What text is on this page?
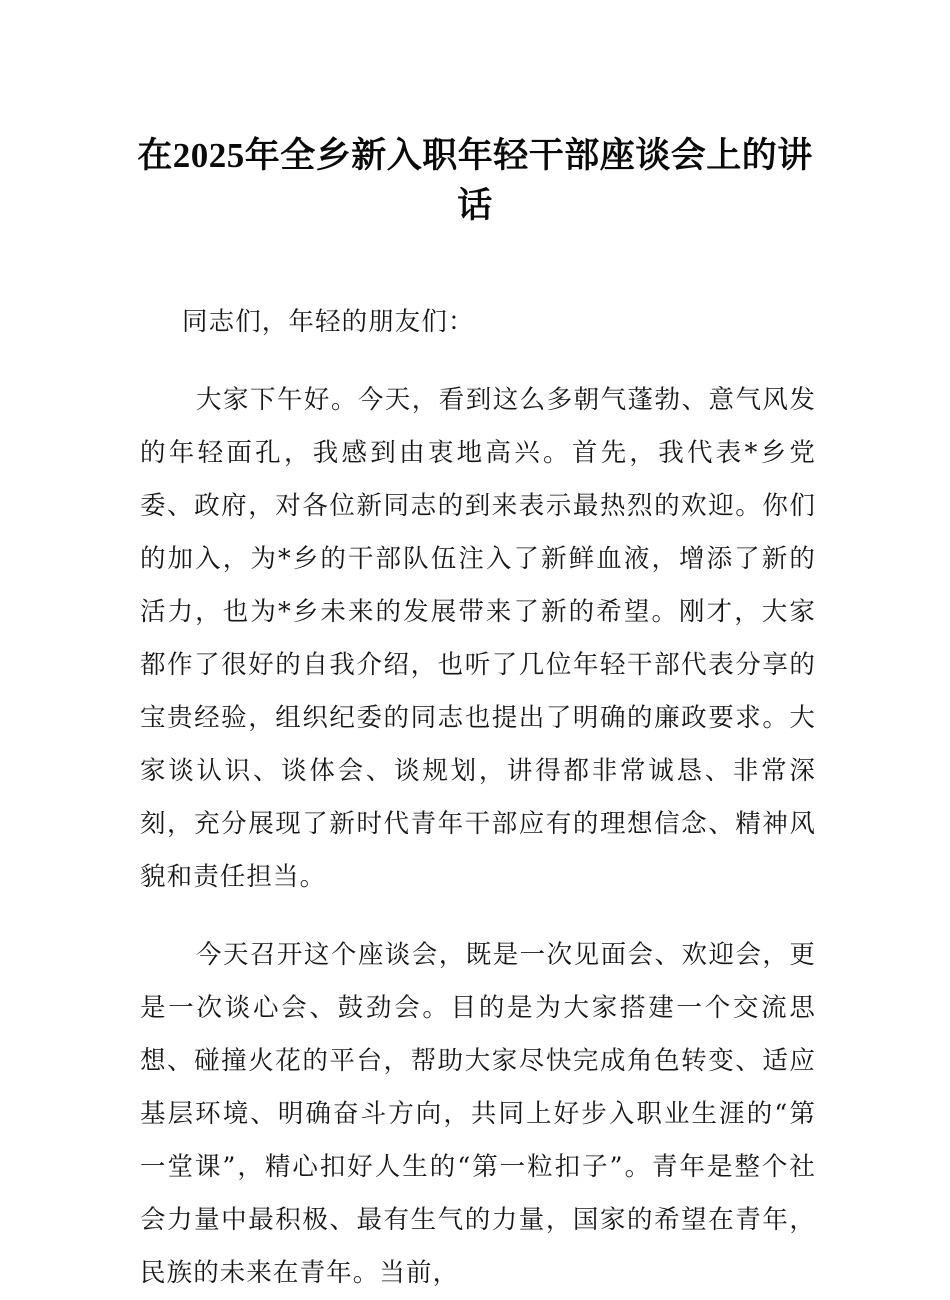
在2025年全乡新入职年轻干部座谈会上的讲话

同志们，年轻的朋友们：

大家下午好。今天，看到这么多朝气蓬勃、意气风发的年轻面孔，我感到由衷地高兴。首先，我代表*乡党委、政府，对各位新同志的到来表示最热烈的欢迎。你们的加入，为*乡的干部队伍注入了新鲜血液，增添了新的活力，也为*乡未来的发展带来了新的希望。刚才，大家都作了很好的自我介绍，也听了几位年轻干部代表分享的宝贵经验，组织纪委的同志也提出了明确的廉政要求。大家谈认识、谈体会、谈规划，讲得都非常诚恳、非常深刻，充分展现了新时代青年干部应有的理想信念、精神风貌和责任担当。

今天召开这个座谈会，既是一次见面会、欢迎会，更是一次谈心会、鼓劲会。目的是为大家搭建一个交流思想、碰撞火花的平台，帮助大家尽快完成角色转变、适应基层环境、明确奋斗方向，共同上好步入职业生涯的“第一堂课”，精心扣好人生的“第一粒扣子”。青年是整个社会力量中最积极、最有生气的力量，国家的希望在青年，民族的未来在青年。当前，
